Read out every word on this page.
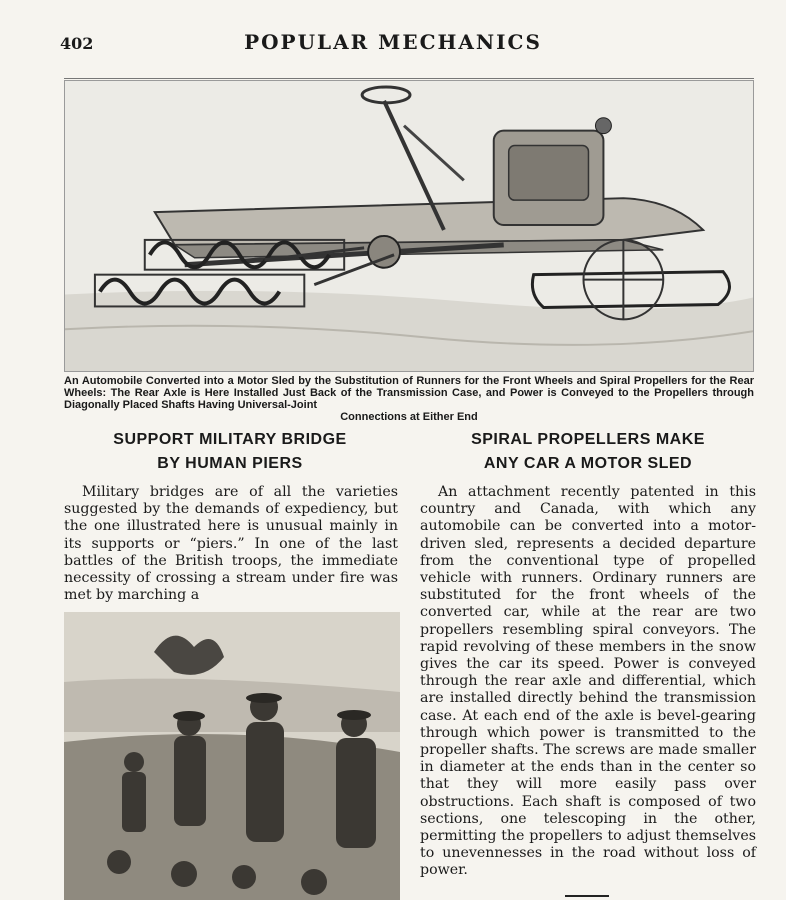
402	POPULAR MECHANICS
An Automobile Converted into a Motor Sled by the Substitution of Runners for the Front Wheels and Spiral Propellers for the Rear Wheels: The Rear Axle is Here Installed Just Back of the Transmission Case, and Power is Conveyed to the Propellers through Diagonally Placed Shafts Having Universal-Joint
Connections at Either End
SUPPORT MILITARY BRIDGE
BY HUMAN PIERS

Military bridges are of all the varieties suggested by the demands of expediency, but the one illustrated here is unusual mainly in its supports or “piers.” In one of the last battles of the British troops, the immediate necessity of crossing a stream under fire was met by marching a

SPIRAL PROPELLERS MAKE
ANY CAR A MOTOR SLED

An attachment recently patented in this country and Canada, with which any automobile can be converted into a motor-driven sled, represents a decided departure from the conventional type of propelled vehicle with runners. Ordinary runners are substituted for the front wheels of the converted car, while at the rear are two propellers resembling spiral conveyors. The rapid revolving of these members in the snow gives the car its speed. Power is conveyed through the rear axle and differential, which are installed directly behind the transmission case. At each end of the axle is bevel-gearing through which power is transmitted to the propeller shafts. The screws are made smaller in diameter at the ends than in the center so that they will more easily pass over obstructions. Each shaft is composed of two sections, one telescoping in the other, permitting the propellers to adjust themselves to unevennesses in the road without loss of power.
